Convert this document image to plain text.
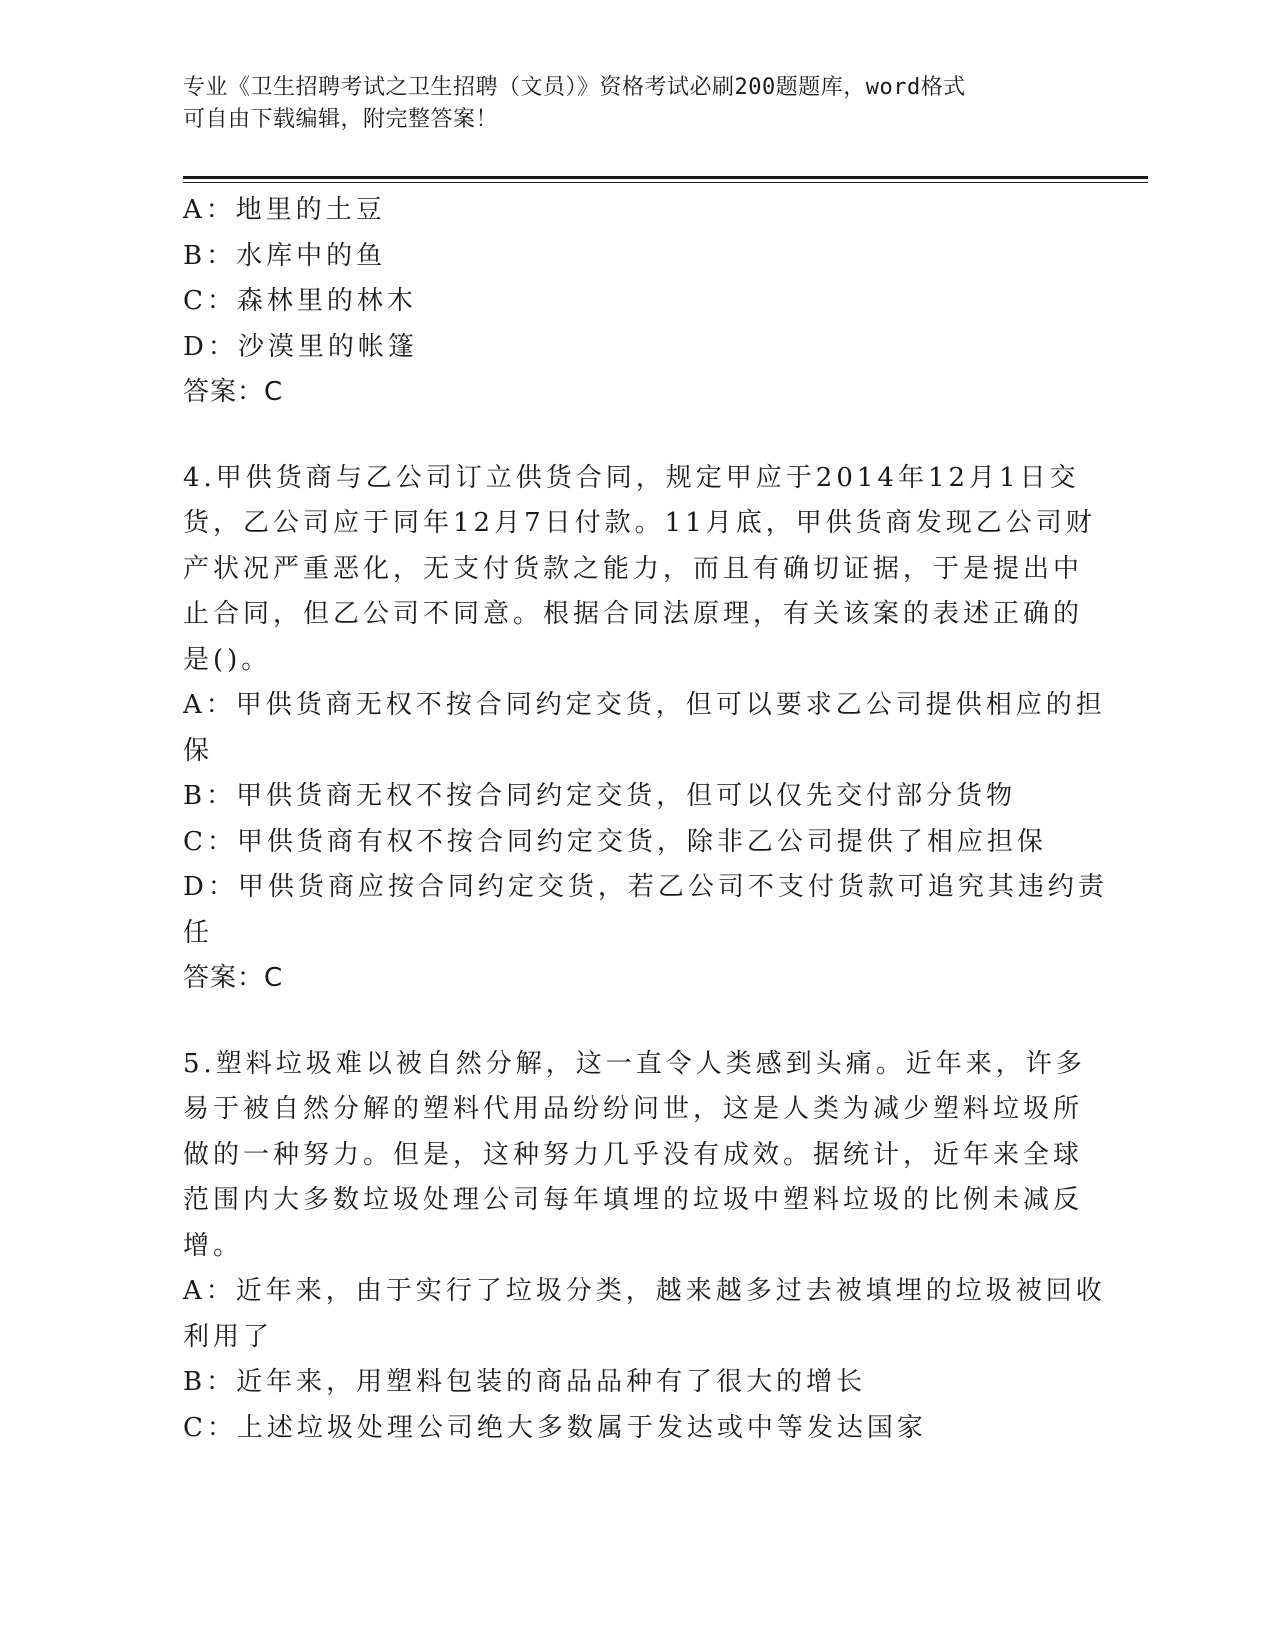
专业《卫生招聘考试之卫生招聘（文员）》资格考试必刷200题题库，word格式
可自由下载编辑，附完整答案！
A：地里的土豆
B：水库中的鱼
C：森林里的林木
D：沙漠里的帐篷
答案：C
4.甲供货商与乙公司订立供货合同，规定甲应于2014年12月1日交
货，乙公司应于同年12月7日付款。11月底，甲供货商发现乙公司财
产状况严重恶化，无支付货款之能力，而且有确切证据，于是提出中
止合同，但乙公司不同意。根据合同法原理，有关该案的表述正确的
是()。
A：甲供货商无权不按合同约定交货，但可以要求乙公司提供相应的担
保
B：甲供货商无权不按合同约定交货，但可以仅先交付部分货物
C：甲供货商有权不按合同约定交货，除非乙公司提供了相应担保
D：甲供货商应按合同约定交货，若乙公司不支付货款可追究其违约责
任
答案：C
5.塑料垃圾难以被自然分解，这一直令人类感到头痛。近年来，许多
易于被自然分解的塑料代用品纷纷问世，这是人类为减少塑料垃圾所
做的一种努力。但是，这种努力几乎没有成效。据统计，近年来全球
范围内大多数垃圾处理公司每年填埋的垃圾中塑料垃圾的比例未减反
增。
A：近年来，由于实行了垃圾分类，越来越多过去被填埋的垃圾被回收
利用了
B：近年来，用塑料包装的商品品种有了很大的增长
C：上述垃圾处理公司绝大多数属于发达或中等发达国家
